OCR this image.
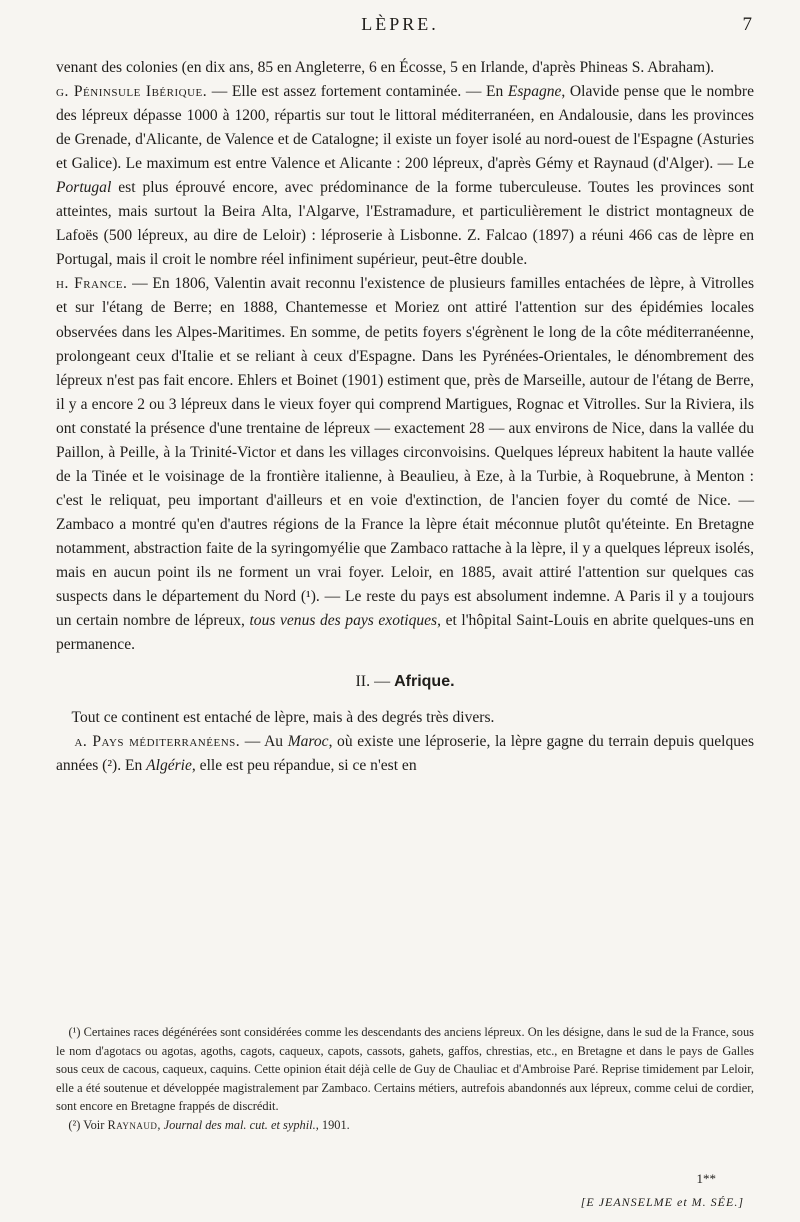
LÈPRE.	7

venant des colonies (en dix ans, 85 en Angleterre, 6 en Écosse, 5 en Irlande, d'après Phineas S. Abraham).

g. Péninsule Ibérique. — Elle est assez fortement contaminée. — En Espagne, Olavide pense que le nombre des lépreux dépasse 1000 à 1200, répartis sur tout le littoral méditerranéen, en Andalousie, dans les provinces de Grenade, d'Alicante, de Valence et de Catalogne; il existe un foyer isolé au nord-ouest de l'Espagne (Asturies et Galice). Le maximum est entre Valence et Alicante : 200 lépreux, d'après Gémy et Raynaud (d'Alger). — Le Portugal est plus éprouvé encore, avec prédominance de la forme tuberculeuse. Toutes les provinces sont atteintes, mais surtout la Beira Alta, l'Algarve, l'Estramadure, et particulièrement le district montagneux de Lafoës (500 lépreux, au dire de Leloir) : léproserie à Lisbonne. Z. Falcao (1897) a réuni 466 cas de lèpre en Portugal, mais il croit le nombre réel infiniment supérieur, peut-être double.

h. France. — En 1806, Valentin avait reconnu l'existence de plusieurs familles entachées de lèpre, à Vitrolles et sur l'étang de Berre; en 1888, Chantemesse et Moriez ont attiré l'attention sur des épidémies locales observées dans les Alpes-Maritimes. En somme, de petits foyers s'égrènent le long de la côte méditerranéenne, prolongeant ceux d'Italie et se reliant à ceux d'Espagne. Dans les Pyrénées-Orientales, le dénombrement des lépreux n'est pas fait encore. Ehlers et Boinet (1901) estiment que, près de Marseille, autour de l'étang de Berre, il y a encore 2 ou 3 lépreux dans le vieux foyer qui comprend Martigues, Rognac et Vitrolles. Sur la Riviera, ils ont constaté la présence d'une trentaine de lépreux — exactement 28 — aux environs de Nice, dans la vallée du Paillon, à Peille, à la Trinité-Victor et dans les villages circonvoisins. Quelques lépreux habitent la haute vallée de la Tinée et le voisinage de la frontière italienne, à Beaulieu, à Eze, à la Turbie, à Roquebrune, à Menton : c'est le reliquat, peu important d'ailleurs et en voie d'extinction, de l'ancien foyer du comté de Nice. — Zambaco a montré qu'en d'autres régions de la France la lèpre était méconnue plutôt qu'éteinte. En Bretagne notamment, abstraction faite de la syringomyélie que Zambaco rattache à la lèpre, il y a quelques lépreux isolés, mais en aucun point ils ne forment un vrai foyer. Leloir, en 1885, avait attiré l'attention sur quelques cas suspects dans le département du Nord (¹). — Le reste du pays est absolument indemne. A Paris il y a toujours un certain nombre de lépreux, tous venus des pays exotiques, et l'hôpital Saint-Louis en abrite quelques-uns en permanence.

II. — Afrique.

Tout ce continent est entaché de lèpre, mais à des degrés très divers.

a. Pays méditerranéens. — Au Maroc, où existe une léproserie, la lèpre gagne du terrain depuis quelques années (²). En Algérie, elle est peu répandue, si ce n'est en

(¹) Certaines races dégénérées sont considérées comme les descendants des anciens lépreux. On les désigne, dans le sud de la France, sous le nom d'agotacs ou agotas, agoths, cagots, caqueux, capots, cassots, gahets, gaffos, chrestias, etc., en Bretagne et dans le pays de Galles sous ceux de cacous, caqueux, caquins. Cette opinion était déjà celle de Guy de Chauliac et d'Ambroise Paré. Reprise timidement par Leloir, elle a été soutenue et développée magistralement par Zambaco. Certains métiers, autrefois abandonnés aux lépreux, comme celui de cordier, sont encore en Bretagne frappés de discrédit.

(²) Voir Raynaud, Journal des mal. cut. et syphil., 1901.

1**
[E JEANSELME et M. SÉE.]
